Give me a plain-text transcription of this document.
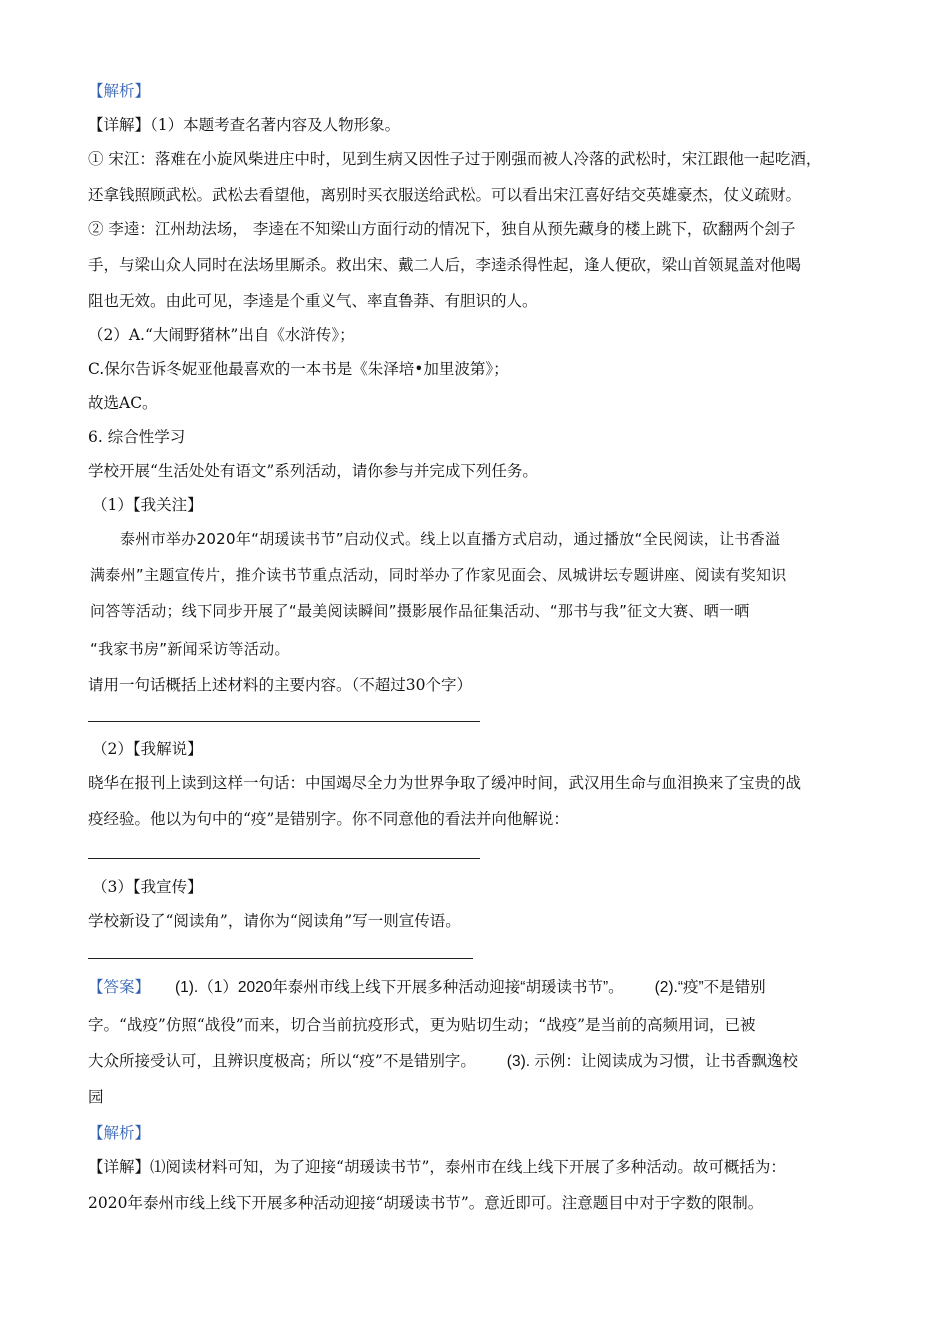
【解析】
【详解】（1）本题考查名著内容及人物形象。
① 宋江：落难在小旋风柴进庄中时，见到生病又因性子过于刚强而被人冷落的武松时，宋江跟他一起吃酒，
还拿钱照顾武松。武松去看望他，离别时买衣服送给武松。可以看出宋江喜好结交英雄豪杰，仗义疏财。
② 李逵：江州劫法场， 李逵在不知梁山方面行动的情况下，独自从预先藏身的楼上跳下，砍翻两个刽子
手，与梁山众人同时在法场里厮杀。救出宋、戴二人后，李逵杀得性起，逢人便砍，梁山首领晁盖对他喝
阻也无效。由此可见，李逵是个重义气、率直鲁莽、有胆识的人。
（2）A.“大闹野猪林”出自《水浒传》；
C.保尔告诉冬妮亚他最喜欢的一本书是《朱泽培•加里波第》；
故选AC。
6. 综合性学习
学校开展“生活处处有语文”系列活动，请你参与并完成下列任务。
（1）【我关注】
泰州市举办2020年“胡瑗读书节”启动仪式。线上以直播方式启动，通过播放“全民阅读，让书香溢
满泰州”主题宣传片，推介读书节重点活动，同时举办了作家见面会、凤城讲坛专题讲座、阅读有奖知识
问答等活动；线下同步开展了“最美阅读瞬间”摄影展作品征集活动、“那书与我”征文大赛、晒一晒
“我家书房”新闻采访等活动。
请用一句话概括上述材料的主要内容。（不超过30个字）
（2）【我解说】
晓华在报刊上读到这样一句话：中国竭尽全力为世界争取了缓冲时间，武汉用生命与血泪换来了宝贵的战
疫经验。他以为句中的“疫”是错别字。你不同意他的看法并向他解说：
（3）【我宣传】
学校新设了“阅读角”，请你为“阅读角”写一则宣传语。
【答案】 (1).（1）2020年泰州市线上线下开展多种活动迎接“胡瑗读书节”。 (2).“疫”不是错别
字。“战疫”仿照“战役”而来，切合当前抗疫形式，更为贴切生动；“战疫”是当前的高频用词，已被
大众所接受认可，且辨识度极高；所以“疫”不是错别字。 (3). 示例：让阅读成为习惯，让书香飘逸校
园
【解析】
【详解】⑴阅读材料可知，为了迎接“胡瑗读书节”，泰州市在线上线下开展了多种活动。故可概括为：
2020年泰州市线上线下开展多种活动迎接“胡瑗读书节”。意近即可。注意题目中对于字数的限制。
